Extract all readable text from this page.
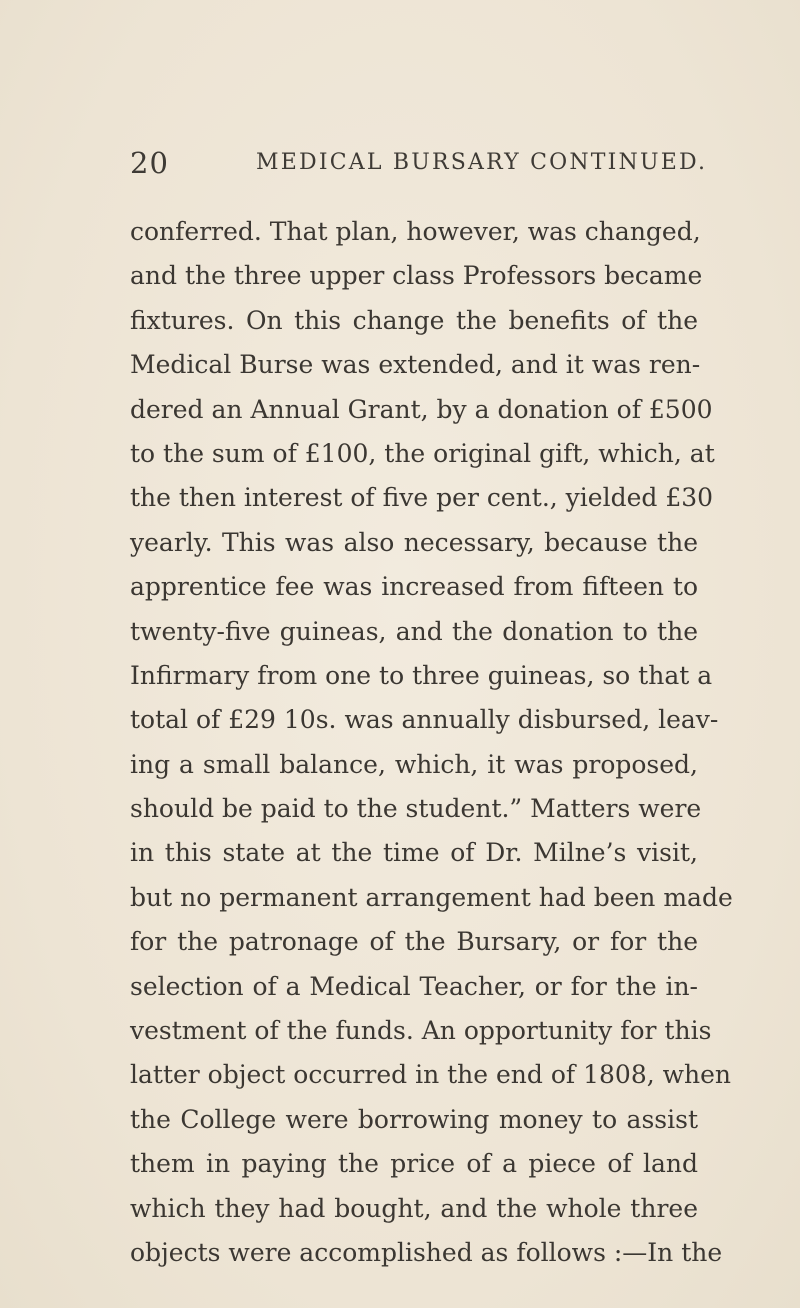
20	MEDICAL BURSARY CONTINUED.
conferred. That plan, however, was changed,
and the three upper class Professors became
fixtures. On this change the benefits of the
Medical Burse was extended, and it was ren-
dered an Annual Grant, by a donation of £500
to the sum of £100, the original gift, which, at
the then interest of five per cent., yielded £30
yearly. This was also necessary, because the
apprentice fee was increased from fifteen to
twenty-five guineas, and the donation to the
Infirmary from one to three guineas, so that a
total of £29 10s. was annually disbursed, leav-
ing a small balance, which, it was proposed,
should be paid to the student.” Matters were
in this state at the time of Dr. Milne’s visit,
but no permanent arrangement had been made
for the patronage of the Bursary, or for the
selection of a Medical Teacher, or for the in-
vestment of the funds. An opportunity for this
latter object occurred in the end of 1808, when
the College were borrowing money to assist
them in paying the price of a piece of land
which they had bought, and the whole three
objects were accomplished as follows :—In the
